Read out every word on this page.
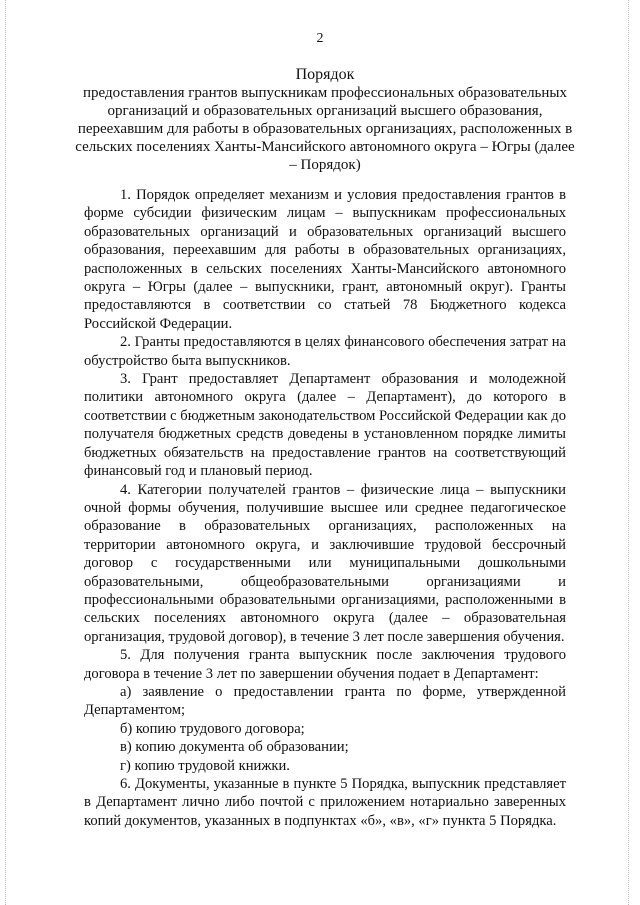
2
Порядок
предоставления грантов выпускникам профессиональных образовательных организаций и образовательных организаций высшего образования, переехавшим для работы в образовательных организациях, расположенных в сельских поселениях Ханты-Мансийского автономного округа – Югры (далее – Порядок)

1. Порядок определяет механизм и условия предоставления грантов в форме субсидии физическим лицам – выпускникам профессиональных образовательных организаций и образовательных организаций высшего образования, переехавшим для работы в образовательных организациях, расположенных в сельских поселениях Ханты-Мансийского автономного округа – Югры (далее – выпускники, грант, автономный округ). Гранты предоставляются в соответствии со статьей 78 Бюджетного кодекса Российской Федерации.

2. Гранты предоставляются в целях финансового обеспечения затрат на обустройство быта выпускников.

3. Грант предоставляет Департамент образования и молодежной политики автономного округа (далее – Департамент), до которого в соответствии с бюджетным законодательством Российской Федерации как до получателя бюджетных средств доведены в установленном порядке лимиты бюджетных обязательств на предоставление грантов на соответствующий финансовый год и плановый период.

4. Категории получателей грантов – физические лица – выпускники очной формы обучения, получившие высшее или среднее педагогическое образование в образовательных организациях, расположенных на территории автономного округа, и заключившие трудовой бессрочный договор с государственными или муниципальными дошкольными образовательными, общеобразовательными организациями и профессиональными образовательными организациями, расположенными в сельских поселениях автономного округа (далее – образовательная организация, трудовой договор), в течение 3 лет после завершения обучения.

5. Для получения гранта выпускник после заключения трудового договора в течение 3 лет по завершении обучения подает в Департамент:

а) заявление о предоставлении гранта по форме, утвержденной Департаментом;

б) копию трудового договора;

в) копию документа об образовании;

г) копию трудовой книжки.

6. Документы, указанные в пункте 5 Порядка, выпускник представляет в Департамент лично либо почтой с приложением нотариально заверенных копий документов, указанных в подпунктах «б», «в», «г» пункта 5 Порядка.
